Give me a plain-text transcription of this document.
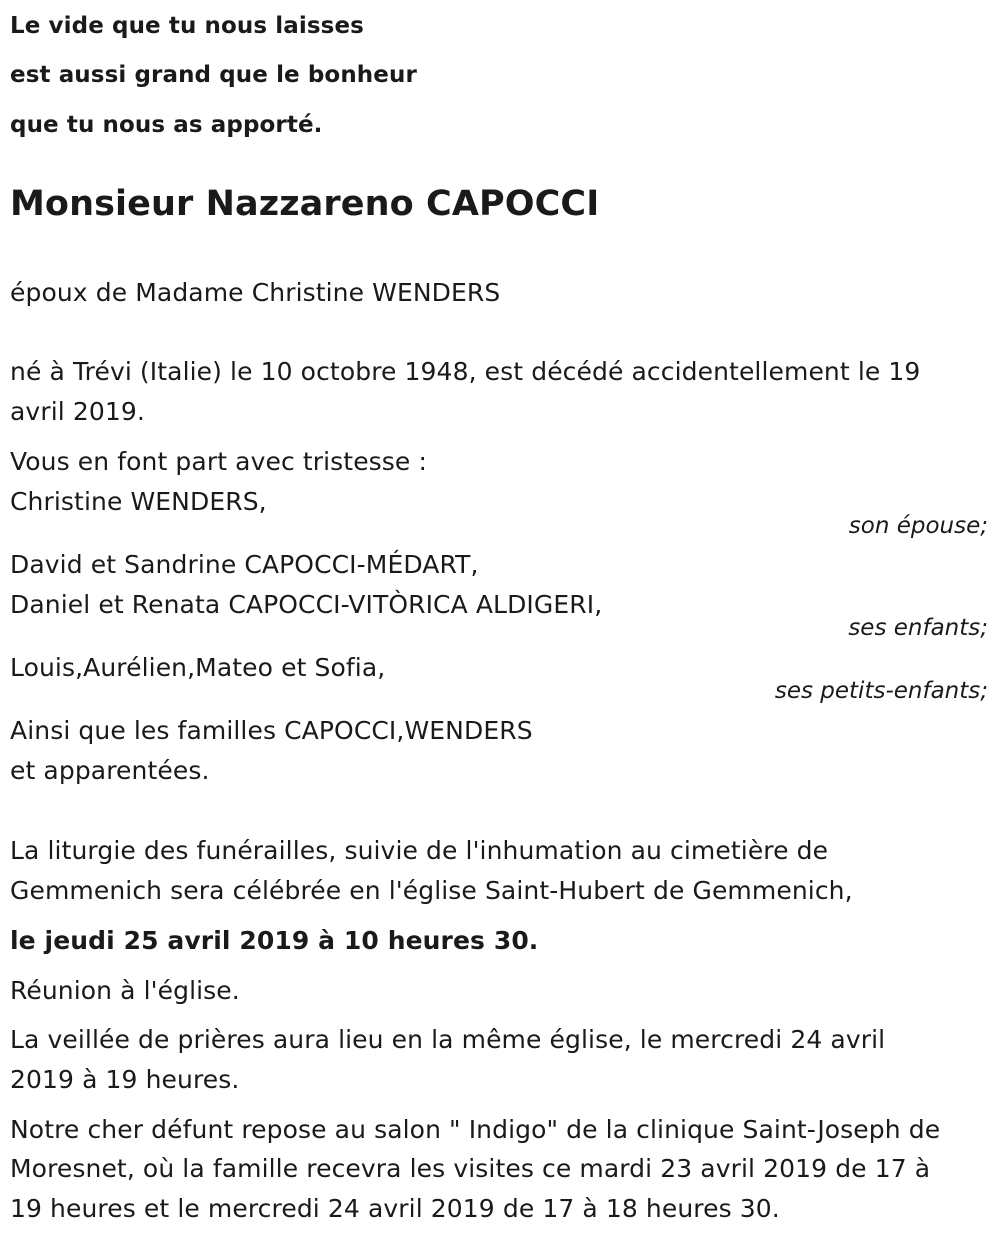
Le vide que tu nous laisses
est aussi grand que le bonheur
que tu nous as apporté.
Monsieur Nazzareno CAPOCCI
époux de Madame Christine WENDERS
né à Trévi (Italie) le 10 octobre 1948, est décédé accidentellement le 19
avril 2019.
Vous en font part avec tristesse :
Christine WENDERS,
son épouse;
David et Sandrine CAPOCCI-MÉDART,
Daniel et Renata CAPOCCI-VITÒRICA ALDIGERI,
ses enfants;
Louis,Aurélien,Mateo et Sofia,
ses petits-enfants;
Ainsi que les familles CAPOCCI,WENDERS
et apparentées.
La liturgie des funérailles, suivie de l'inhumation au cimetière de
Gemmenich sera célébrée en l'église Saint-Hubert de Gemmenich,
le jeudi 25 avril 2019 à 10 heures 30.
Réunion à l'église.
La veillée de prières aura lieu en la même église, le mercredi 24 avril
2019 à 19 heures.
Notre cher défunt repose au salon " Indigo" de la clinique Saint-Joseph de
Moresnet, où la famille recevra les visites ce mardi 23 avril 2019 de 17 à
19 heures et le mercredi 24 avril 2019 de 17 à 18 heures 30.
